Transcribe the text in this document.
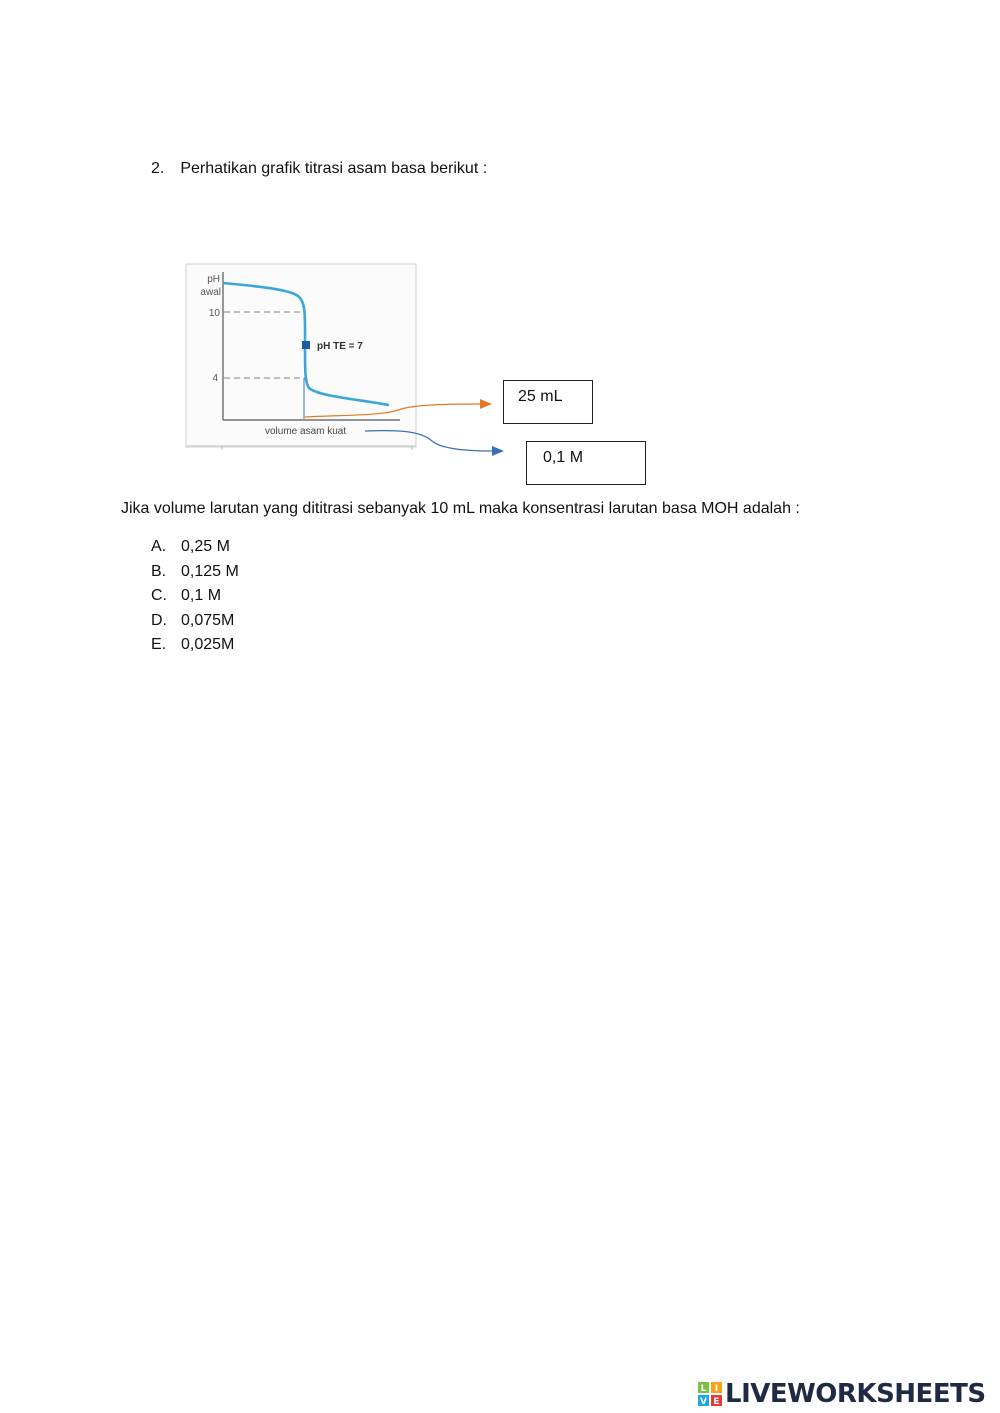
2. Perhatikan grafik titrasi asam basa berikut :
pH
awal
10
4
pH TE = 7
volume asam kuat
25 mL
0,1 M
Jika volume larutan yang dititrasi sebanyak 10 mL maka konsentrasi larutan basa MOH adalah :
A. 0,25 M
B. 0,125 M
C. 0,1 M
D. 0,075M
E. 0,025M
L I
V E LIVEWORKSHEETS
